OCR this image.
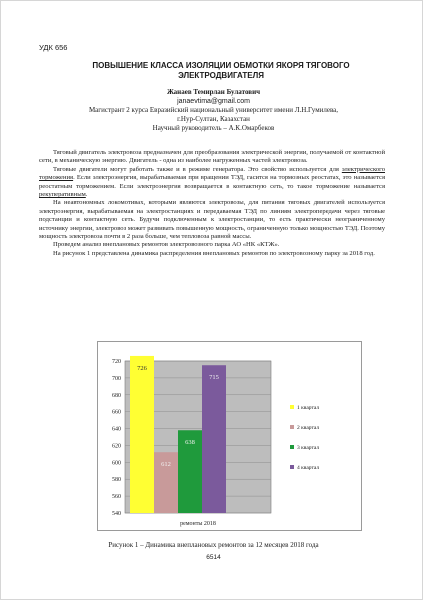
УДК 656
ПОВЫШЕНИЕ КЛАССА ИЗОЛЯЦИИ ОБМОТКИ ЯКОРЯ ТЯГОВОГО
ЭЛЕКТРОДВИГАТЕЛЯ
Жанаев Темирлан Булатович
janaevtima@gmail.com
Магистрант 2 курса Евразийский национальный университет имени Л.Н.Гумилева,
г.Нур-Султан, Казахстан
Научный руководитель – А.К.Омарбеков

Тяговый двигатель электровоза предназначен для преобразования электрической энергии, получаемой от контактной сети, в механическую энергию. Двигатель - одна из наиболее нагруженных частей электровоза.

Тяговые двигатели могут работать также и в режиме генератора. Это свойство используется для электрического торможения. Если электроэнергия, вырабатываемая при вращении ТЭД, гасится на тормозных реостатах, это называется реостатным торможением. Если электроэнергия возвращается в контактную сеть, то такое торможение называется рекуперативным.

На неавтономных локомотивах, которыми являются электровозы, для питания тяговых двигателей используется электроэнергия, вырабатываемая на электростанциях и передаваемая ТЭД по линиям электропередачи через тяговые подстанции и контактную сеть. Будучи подключенным к электростанции, то есть практически неограниченному источнику энергии, электровоз может развивать повышенную мощность, ограниченную только мощностью ТЭД. Поэтому мощность электровоза почти в 2 раза больше, чем тепловоза равной массы.

Проведем анализ внеплановых ремонтов электровозного парка АО «НК «КТЖ».

На рисунок 1 представлена динамика распределения внеплановых ремонтов по электровозному парку за 2018 год.

540
560
580
600
620
640
660
680
700
720
726
612
638
715
ремонты 2018
1 квартал
2 квартал
3 квартал
4 квартал
Рисунок 1 – Динамика внеплановых ремонтов за 12 месяцев 2018 года
6514
